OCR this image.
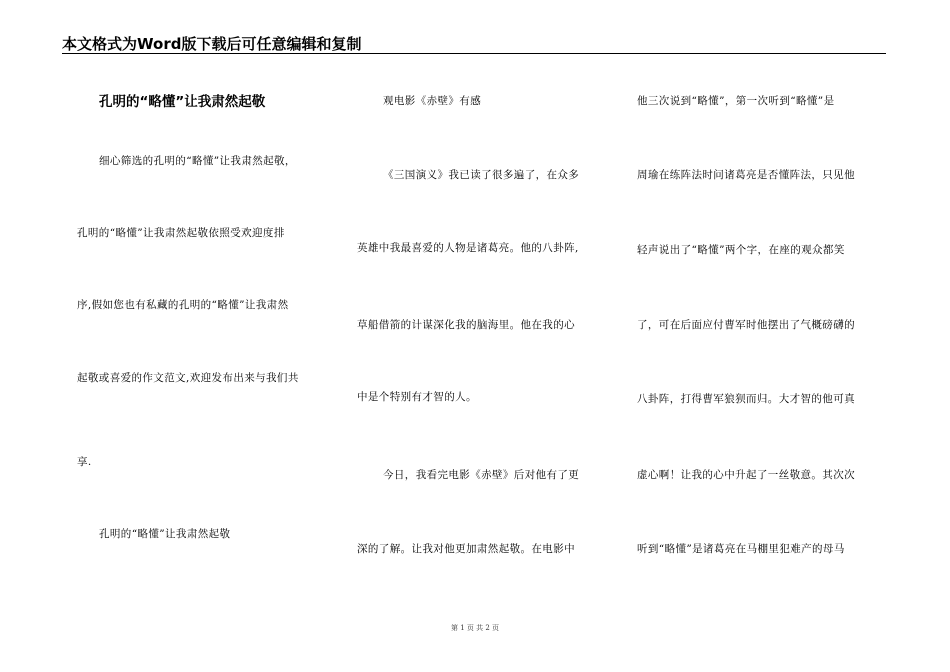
本文格式为Word版下载后可任意编辑和复制
孔明的“略懂”让我肃然起敬
细心筛选的孔明的“略懂”让我肃然起敬，
孔明的“略懂”让我肃然起敬依照受欢迎度排
序,假如您也有私藏的孔明的“略懂”让我肃然
起敬或喜爱的作文范文,欢迎发布出来与我们共
享.
孔明的“略懂”让我肃然起敬
观电影《赤壁》有感
《三国演义》我已读了很多遍了，在众多
英雄中我最喜爱的人物是诸葛亮。他的八卦阵,
草船借箭的计谋深化我的脑海里。他在我的心
中是个特别有才智的人。
今日，我看完电影《赤壁》后对他有了更
深的了解。让我对他更加肃然起敬。在电影中
他三次说到“略懂”，第一次听到“略懂”是
周瑜在练阵法时问诸葛亮是否懂阵法，只见他
轻声说出了“略懂”两个字，在座的观众都笑
了，可在后面应付曹军时他摆出了气概磅礴的
八卦阵，打得曹军狼狈而归。大才智的他可真
虚心啊！让我的心中升起了一丝敬意。其次次
听到“略懂”是诸葛亮在马棚里犯难产的母马
第 1 页 共 2 页
